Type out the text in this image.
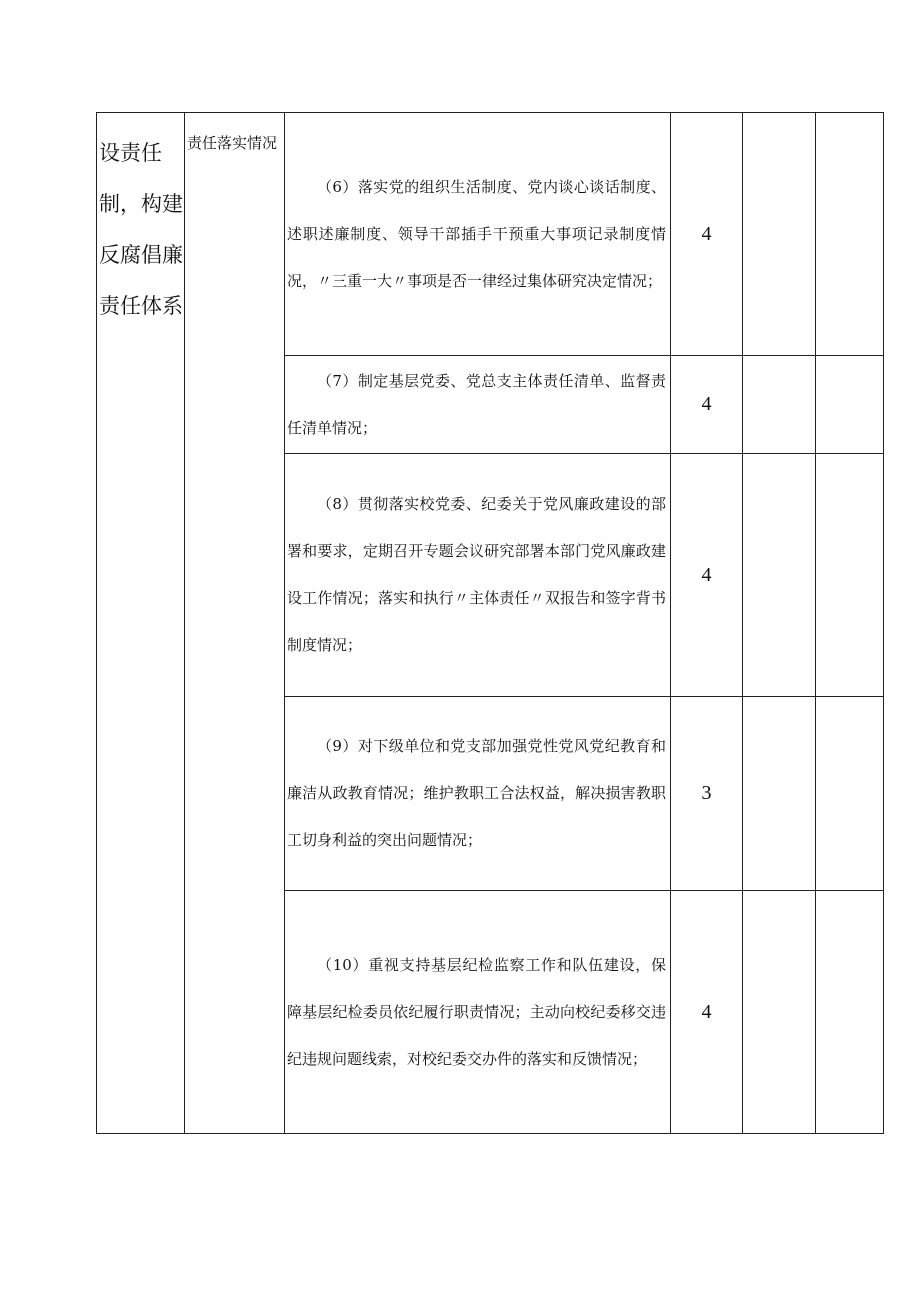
设责任制，构建反腐倡廉责任体系	责任落实情况	（6）落实党的组织生活制度、党内谈心谈话制度、述职述廉制度、领导干部插手干预重大事项记录制度情况，〃三重一大〃事项是否一律经过集体研究决定情况；	4		

		（7）制定基层党委、党总支主体责任清单、监督责任清单情况；	4		

		（8）贯彻落实校党委、纪委关于党风廉政建设的部署和要求，定期召开专题会议研究部署本部门党风廉政建设工作情况；落实和执行〃主体责任〃双报告和签字背书制度情况；	4		

		（9）对下级单位和党支部加强党性党风党纪教育和廉洁从政教育情况；维护教职工合法权益，解决损害教职工切身利益的突出问题情况；	3		

		（10）重视支持基层纪检监察工作和队伍建设，保障基层纪检委员依纪履行职责情况；主动向校纪委移交违纪违规问题线索，对校纪委交办件的落实和反馈情况；	4		
